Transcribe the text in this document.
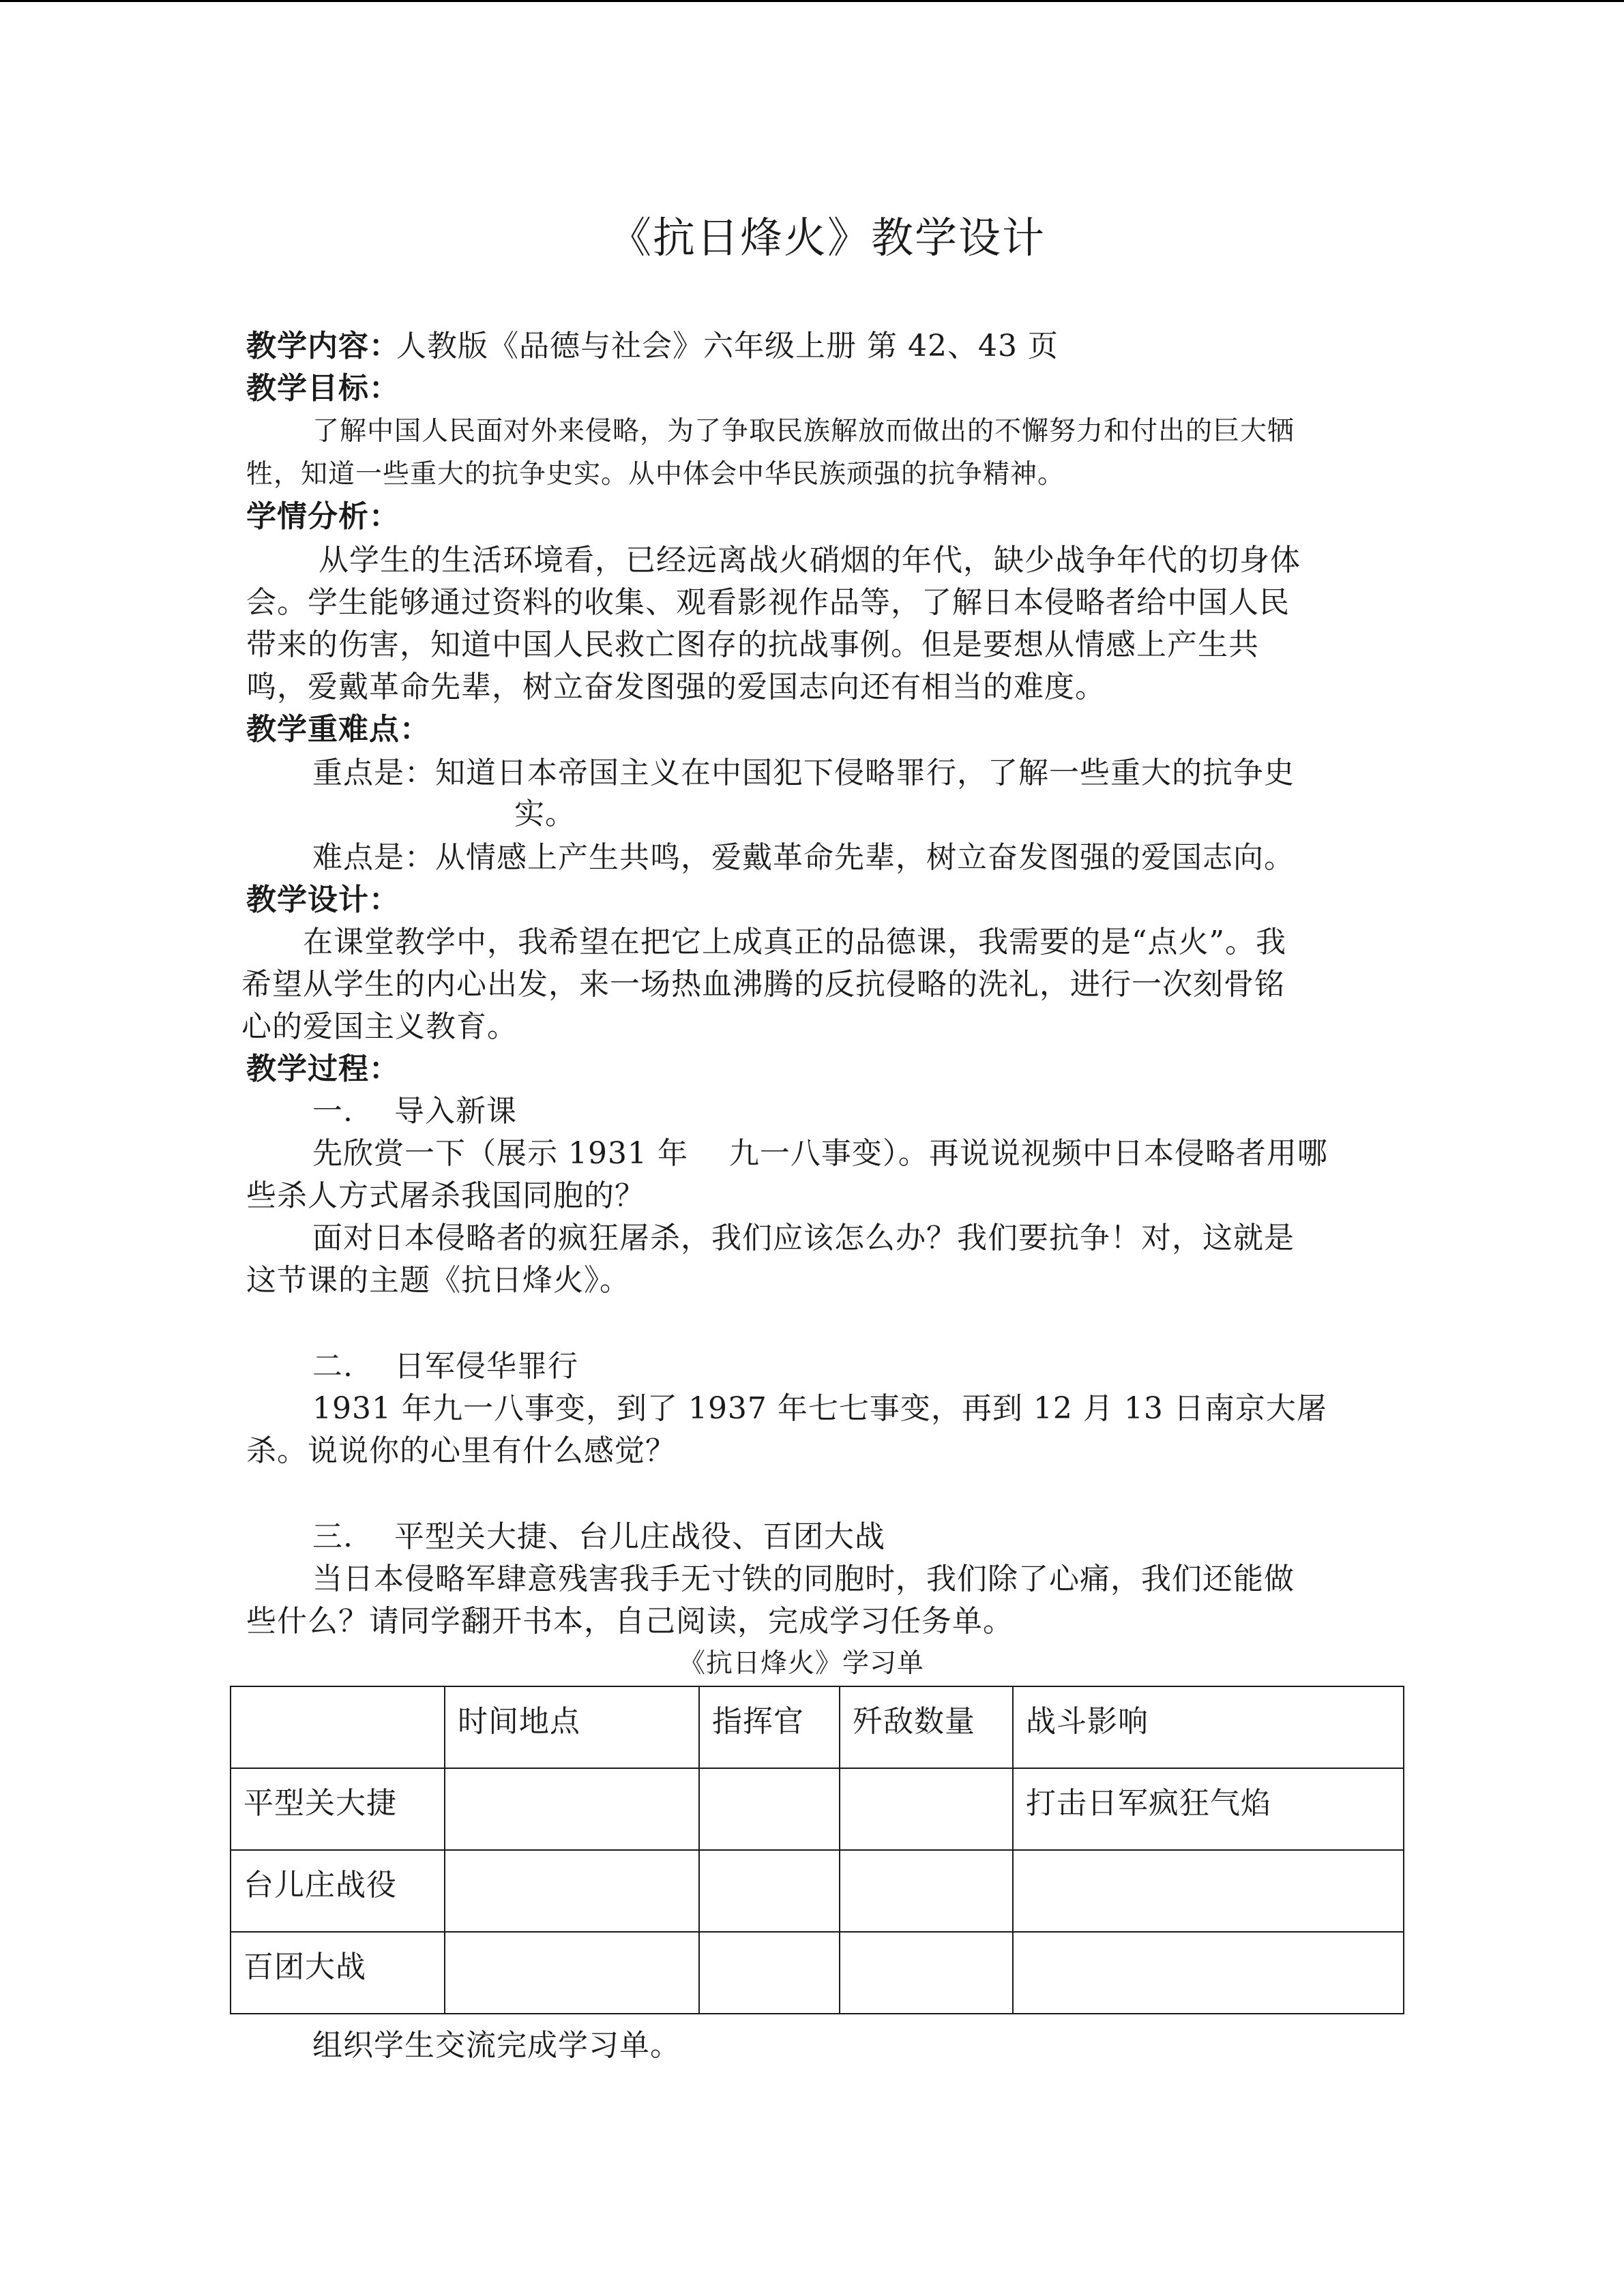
《抗日烽火》教学设计
教学内容：
人教版《品德与社会》六年级上册 第 42、43 页
教学目标：
了解中国人民面对外来侵略，为了争取民族解放而做出的不懈努力和付出的巨大牺
牲，知道一些重大的抗争史实。从中体会中华民族顽强的抗争精神。
学情分析：
从学生的生活环境看，已经远离战火硝烟的年代，缺少战争年代的切身体
会。学生能够通过资料的收集、观看影视作品等，了解日本侵略者给中国人民
带来的伤害，知道中国人民救亡图存的抗战事例。但是要想从情感上产生共
鸣，爱戴革命先辈，树立奋发图强的爱国志向还有相当的难度。
教学重难点：
重点是：知道日本帝国主义在中国犯下侵略罪行，了解一些重大的抗争史
实。
难点是：从情感上产生共鸣，爱戴革命先辈，树立奋发图强的爱国志向。
教学设计：
在课堂教学中，我希望在把它上成真正的品德课，我需要的是“点火”。我
希望从学生的内心出发，来一场热血沸腾的反抗侵略的洗礼，进行一次刻骨铭
心的爱国主义教育。
教学过程：
一.　 导入新课
先欣赏一下（展示 1931 年　 九一八事变）。再说说视频中日本侵略者用哪
些杀人方式屠杀我国同胞的？
面对日本侵略者的疯狂屠杀，我们应该怎么办？我们要抗争！对，这就是
这节课的主题《抗日烽火》。
二.　 日军侵华罪行
1931 年九一八事变，到了 1937 年七七事变，再到 12 月 13 日南京大屠
杀。说说你的心里有什么感觉？
三.　 平型关大捷、台儿庄战役、百团大战
当日本侵略军肆意残害我手无寸铁的同胞时，我们除了心痛，我们还能做
些什么？请同学翻开书本，自己阅读，完成学习任务单。
《抗日烽火》学习单
	时间地点	指挥官	歼敌数量	战斗影响
平型关大捷				打击日军疯狂气焰
台儿庄战役				
百团大战				
组织学生交流完成学习单。
